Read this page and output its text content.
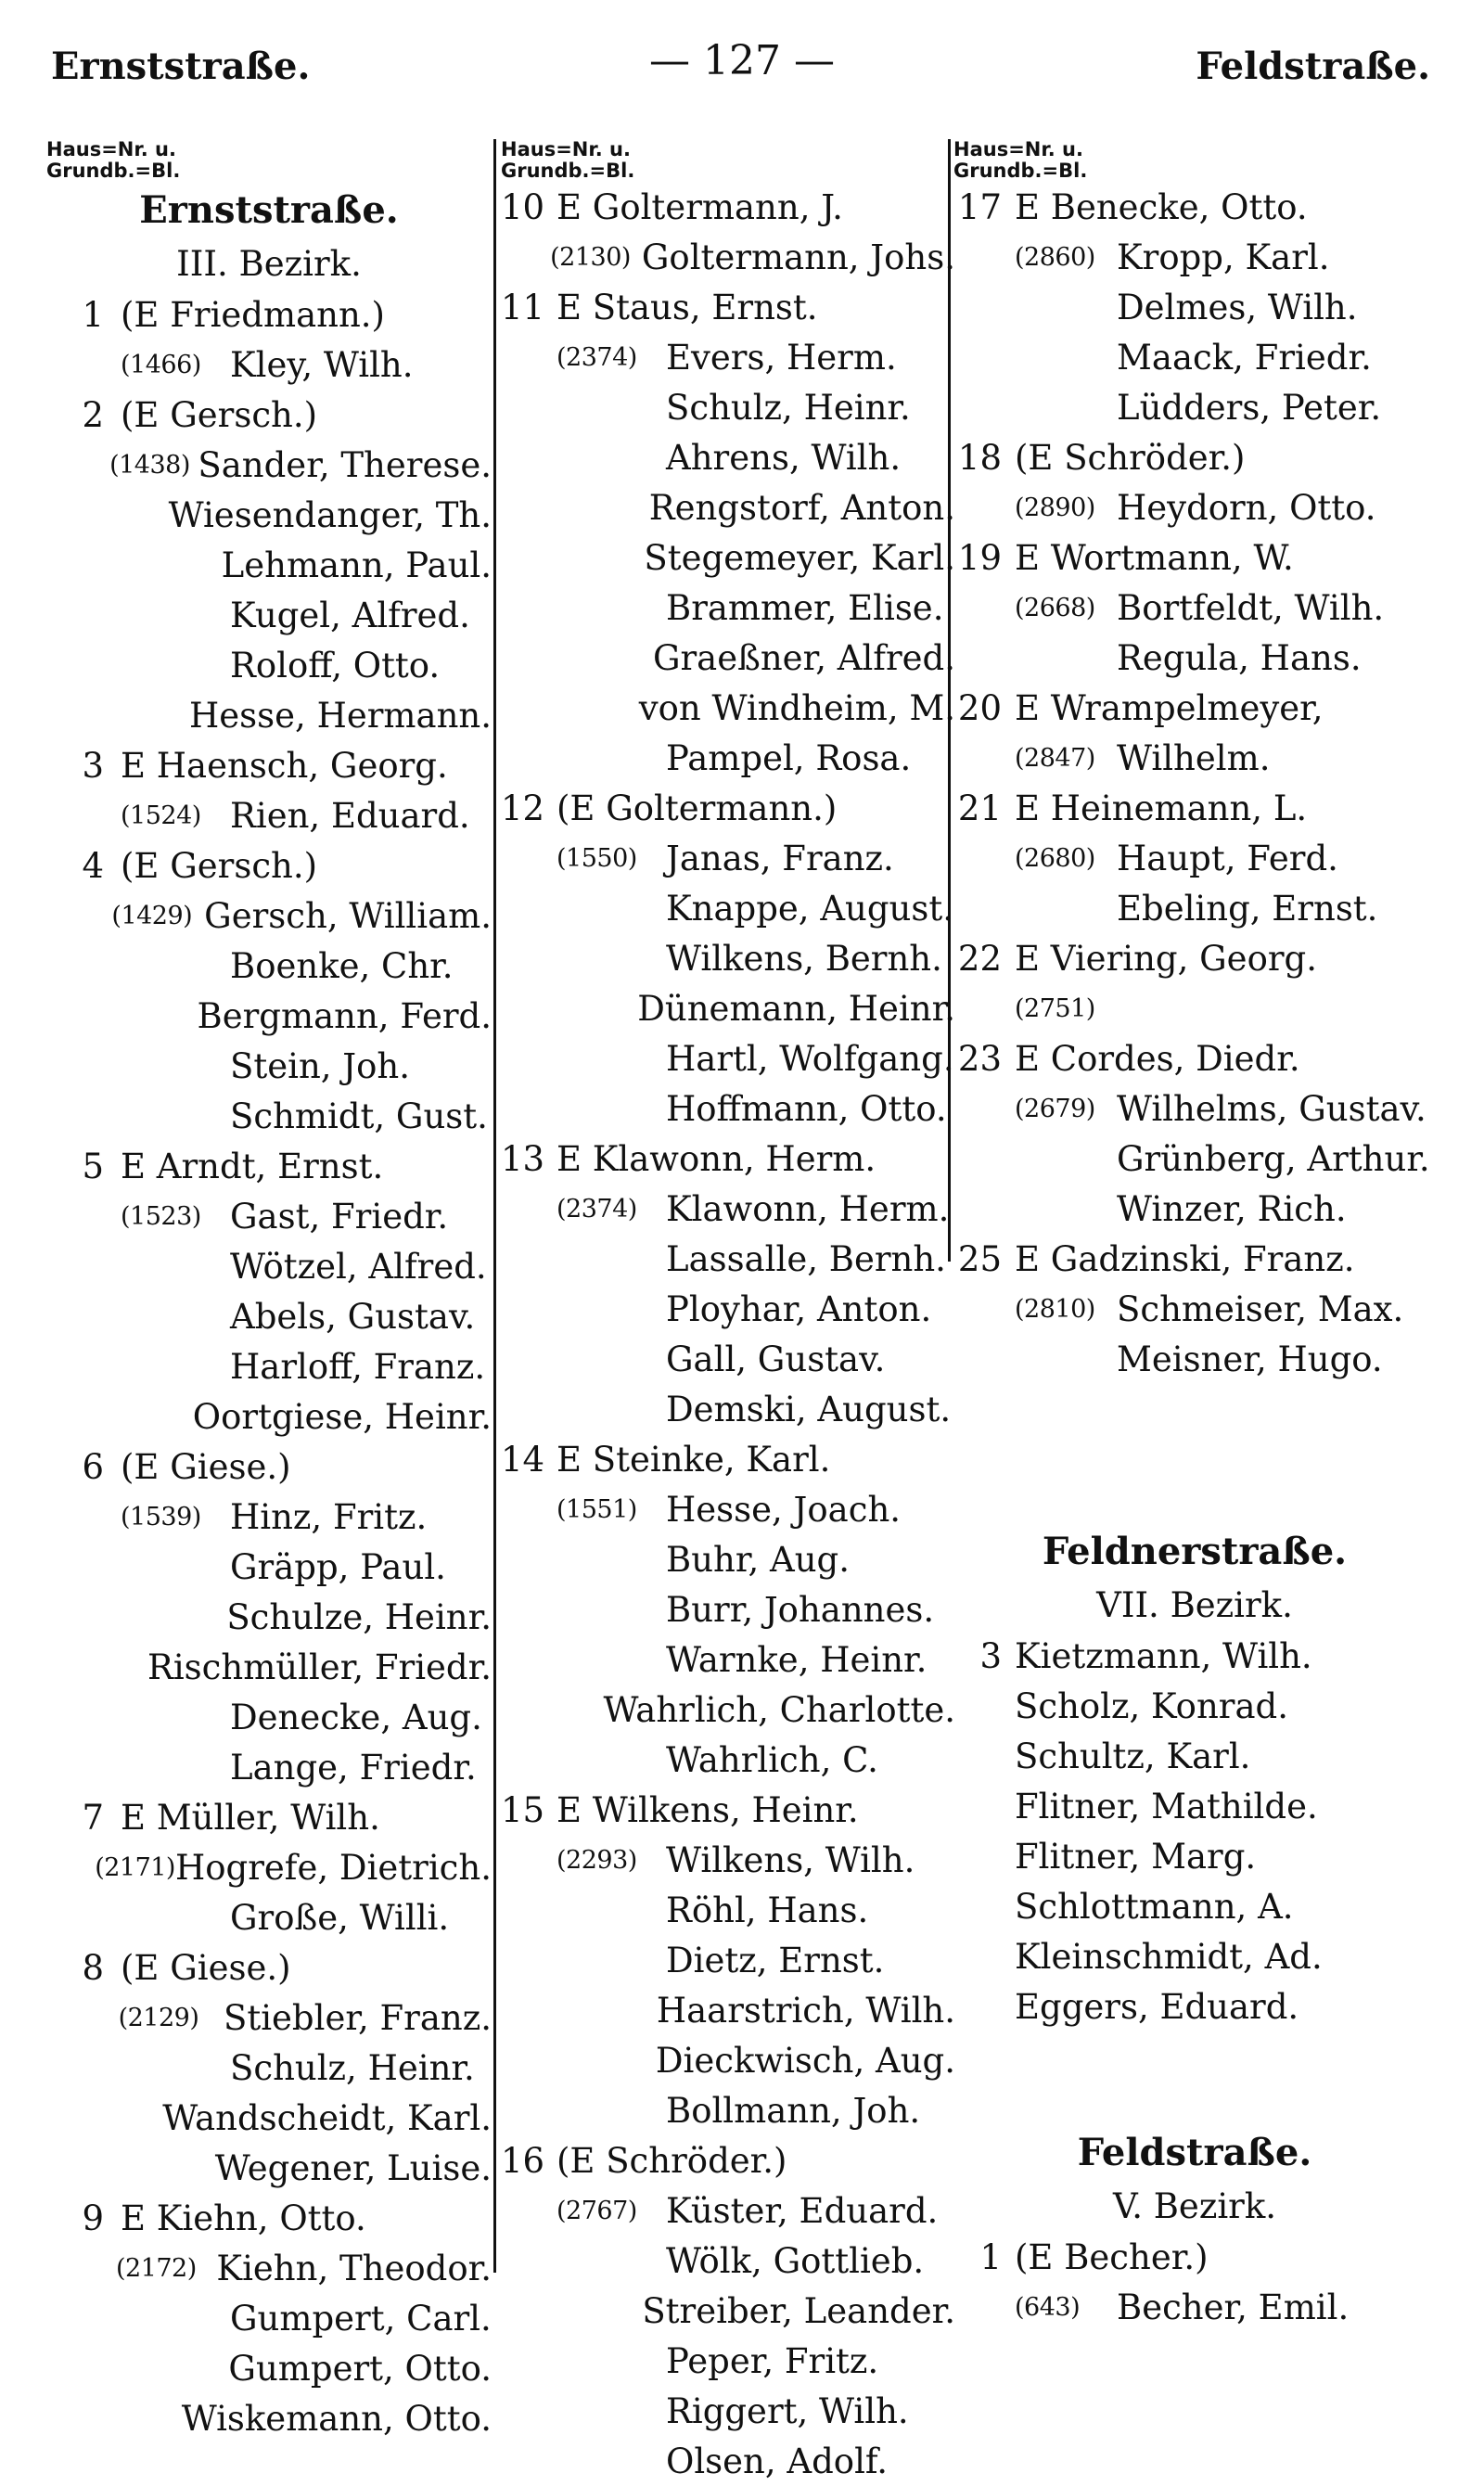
Ernststraße.	— 127 —	Feldstraße.
Haus=Nr. u.
Grundb.=Bl.
Ernststraße.
III. Bezirk.
1 (E Friedmann.)
(1466) Kley, Wilh.
2 (E Gersch.)
(1438) Sander, Therese.
Wiesendanger, Th.
Lehmann, Paul.
Kugel, Alfred.
Roloff, Otto.
Hesse, Hermann.
3 E Haensch, Georg.
(1524) Rien, Eduard.
4 (E Gersch.)
(1429) Gersch, William.
Boenke, Chr.
Bergmann, Ferd.
Stein, Joh.
Schmidt, Gust.
5 E Arndt, Ernst.
(1523) Gast, Friedr.
Wötzel, Alfred.
Abels, Gustav.
Harloff, Franz.
Oortgiese, Heinr.
6 (E Giese.)
(1539) Hinz, Fritz.
Gräpp, Paul.
Schulze, Heinr.
Rischmüller, Friedr.
Denecke, Aug.
Lange, Friedr.
7 E Müller, Wilh.
(2171) Hogrefe, Dietrich.
Große, Willi.
8 (E Giese.)
(2129) Stiebler, Franz.
Schulz, Heinr.
Wandscheidt, Karl.
Wegener, Luise.
9 E Kiehn, Otto.
(2172) Kiehn, Theodor.
Gumpert, Carl.
Gumpert, Otto.
Wiskemann, Otto.
Haus=Nr. u.
Grundb.=Bl.
10 E Goltermann, J.
(2130) Goltermann, Johs.
11 E Staus, Ernst.
(2374) Evers, Herm.
Schulz, Heinr.
Ahrens, Wilh.
Rengstorf, Anton.
Stegemeyer, Karl.
Brammer, Elise.
Graeßner, Alfred.
von Windheim, M.
Pampel, Rosa.
12 (E Goltermann.)
(1550) Janas, Franz.
Knappe, August.
Wilkens, Bernh.
Dünemann, Heinr.
Hartl, Wolfgang.
Hoffmann, Otto.
13 E Klawonn, Herm.
(2374) Klawonn, Herm.
Lassalle, Bernh.
Ployhar, Anton.
Gall, Gustav.
Demski, August.
14 E Steinke, Karl.
(1551) Hesse, Joach.
Buhr, Aug.
Burr, Johannes.
Warnke, Heinr.
Wahrlich, Charlotte.
Wahrlich, C.
15 E Wilkens, Heinr.
(2293) Wilkens, Wilh.
Röhl, Hans.
Dietz, Ernst.
Haarstrich, Wilh.
Dieckwisch, Aug.
Bollmann, Joh.
16 (E Schröder.)
(2767) Küster, Eduard.
Wölk, Gottlieb.
Streiber, Leander.
Peper, Fritz.
Riggert, Wilh.
Olsen, Adolf.
Haus=Nr. u.
Grundb.=Bl.
17 E Benecke, Otto.
(2860) Kropp, Karl.
Delmes, Wilh.
Maack, Friedr.
Lüdders, Peter.
18 (E Schröder.)
(2890) Heydorn, Otto.
19 E Wortmann, W.
(2668) Bortfeldt, Wilh.
Regula, Hans.
20 E Wrampelmeyer,
(2847) Wilhelm.
21 E Heinemann, L.
(2680) Haupt, Ferd.
Ebeling, Ernst.
22 E Viering, Georg.
(2751)
23 E Cordes, Diedr.
(2679) Wilhelms, Gustav.
Grünberg, Arthur.
Winzer, Rich.
25 E Gadzinski, Franz.
(2810) Schmeiser, Max.
Meisner, Hugo.
Feldnerstraße.
VII. Bezirk.
3 Kietzmann, Wilh.
Scholz, Konrad.
Schultz, Karl.
Flitner, Mathilde.
Flitner, Marg.
Schlottmann, A.
Kleinschmidt, Ad.
Eggers, Eduard.
Feldstraße.
V. Bezirk.
1 (E Becher.)
(643)	Becher, Emil.
